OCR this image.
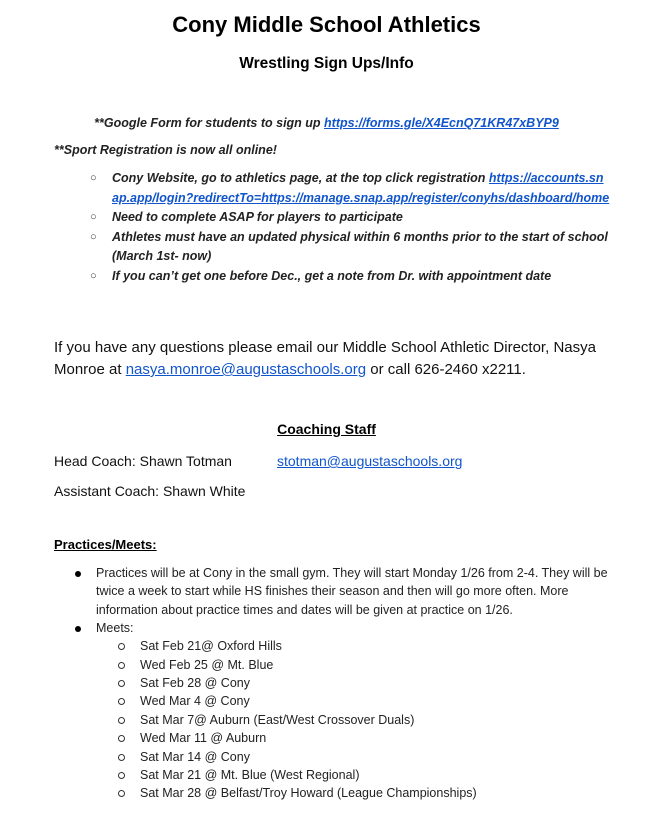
Cony Middle School Athletics
Wrestling Sign Ups/Info
**Google Form for students to sign up https://forms.gle/X4EcnQ71KR47xBYP9
**Sport Registration is now all online!
○ Cony Website, go to athletics page, at the top click registration https://accounts.snap.app/login?redirectTo=https://manage.snap.app/register/conyhs/dashboard/home
○ Need to complete ASAP for players to participate
○ Athletes must have an updated physical within 6 months prior to the start of school (March 1st- now)
○ If you can’t get one before Dec., get a note from Dr. with appointment date
If you have any questions please email our Middle School Athletic Director, Nasya Monroe at nasya.monroe@augustaschools.org or call 626-2460 x2211.
Coaching Staff
Head Coach: Shawn Totman	stotman@augustaschools.org
Assistant Coach: Shawn White
Practices/Meets:
Practices will be at Cony in the small gym. They will start Monday 1/26 from 2-4. They will be twice a week to start while HS finishes their season and then will go more often. More information about practice times and dates will be given at practice on 1/26.
Meets:
Sat Feb 21@ Oxford Hills
Wed Feb 25 @ Mt. Blue
Sat Feb 28 @ Cony
Wed Mar 4 @ Cony
Sat Mar 7@ Auburn (East/West Crossover Duals)
Wed Mar 11 @ Auburn
Sat Mar 14 @ Cony
Sat Mar 21 @ Mt. Blue (West Regional)
Sat Mar 28 @ Belfast/Troy Howard (League Championships)
